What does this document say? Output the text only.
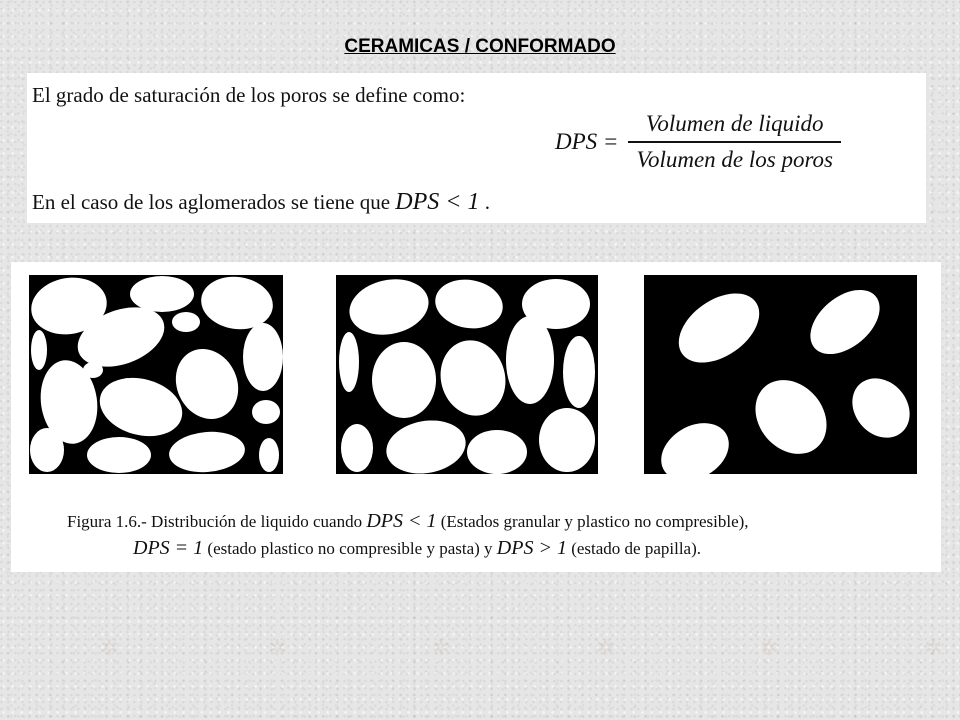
CERAMICAS / CONFORMADO
El grado de saturación de los poros se define como:
DPS = $\frac{\text{Volumen de liquido}}{\text{Volumen de los poros}}$
En el caso de los aglomerados se tiene que DPS < 1 .
Figura 1.6.- Distribución de liquido cuando DPS < 1 (Estados granular y plastico no compresible),
DPS = 1 (estado plastico no compresible y pasta) y DPS > 1 (estado de papilla).
✲	✲	✲	✲	✲	✲
